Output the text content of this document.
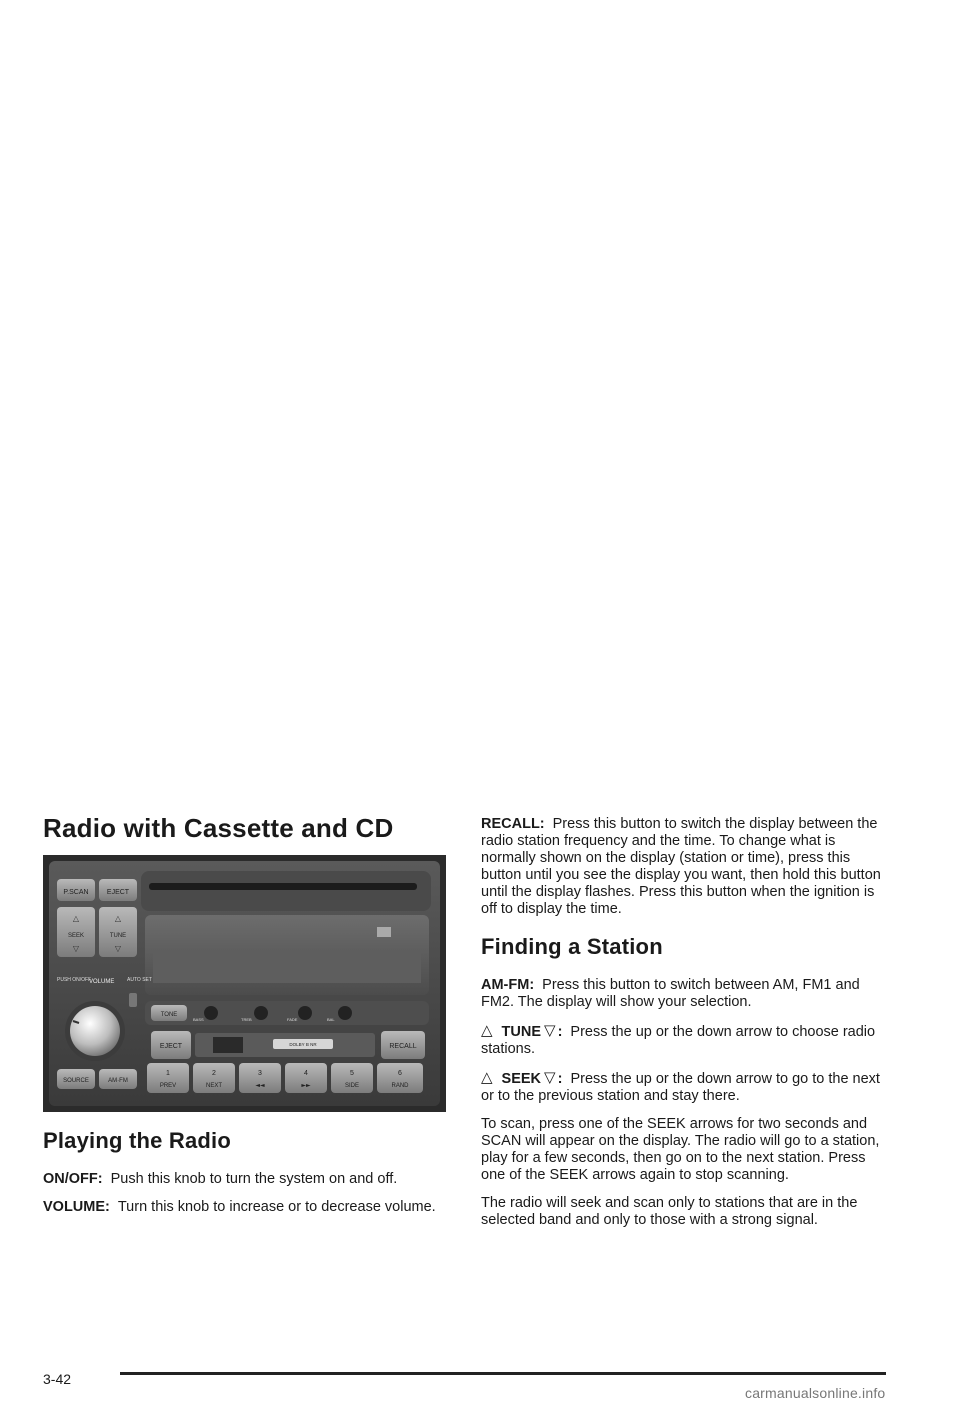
Radio with Cassette and CD
P.SCAN	EJECT
△
SEEK
▽
△
TUNE
▽
PUSH ON/OFF
VOLUME	AUTO SET
TONE
BASS	TREB	FADE	BAL
EJECT	DOLBY B NR	RECALL
SOURCE	AM·FM
1
PREV
2
NEXT
3
◄◄
4
►►
5
SIDE
6
RAND
Playing the Radio

ON/OFF: Push this knob to turn the system on and off.

VOLUME: Turn this knob to increase or to decrease volume.

RECALL: Press this button to switch the display between the radio station frequency and the time. To change what is normally shown on the display (station or time), press this button until you see the display you want, then hold this button until the display flashes. Press this button when the ignition is off to display the time.

Finding a Station

AM-FM: Press this button to switch between AM, FM1 and FM2. The display will show your selection.

△ TUNE ▽ : Press the up or the down arrow to choose radio stations.

△ SEEK ▽ : Press the up or the down arrow to go to the next or to the previous station and stay there.

To scan, press one of the SEEK arrows for two seconds and SCAN will appear on the display. The radio will go to a station, play for a few seconds, then go on to the next station. Press one of the SEEK arrows again to stop scanning.

The radio will seek and scan only to stations that are in the selected band and only to those with a strong signal.

3-42
carmanualsonline.info
